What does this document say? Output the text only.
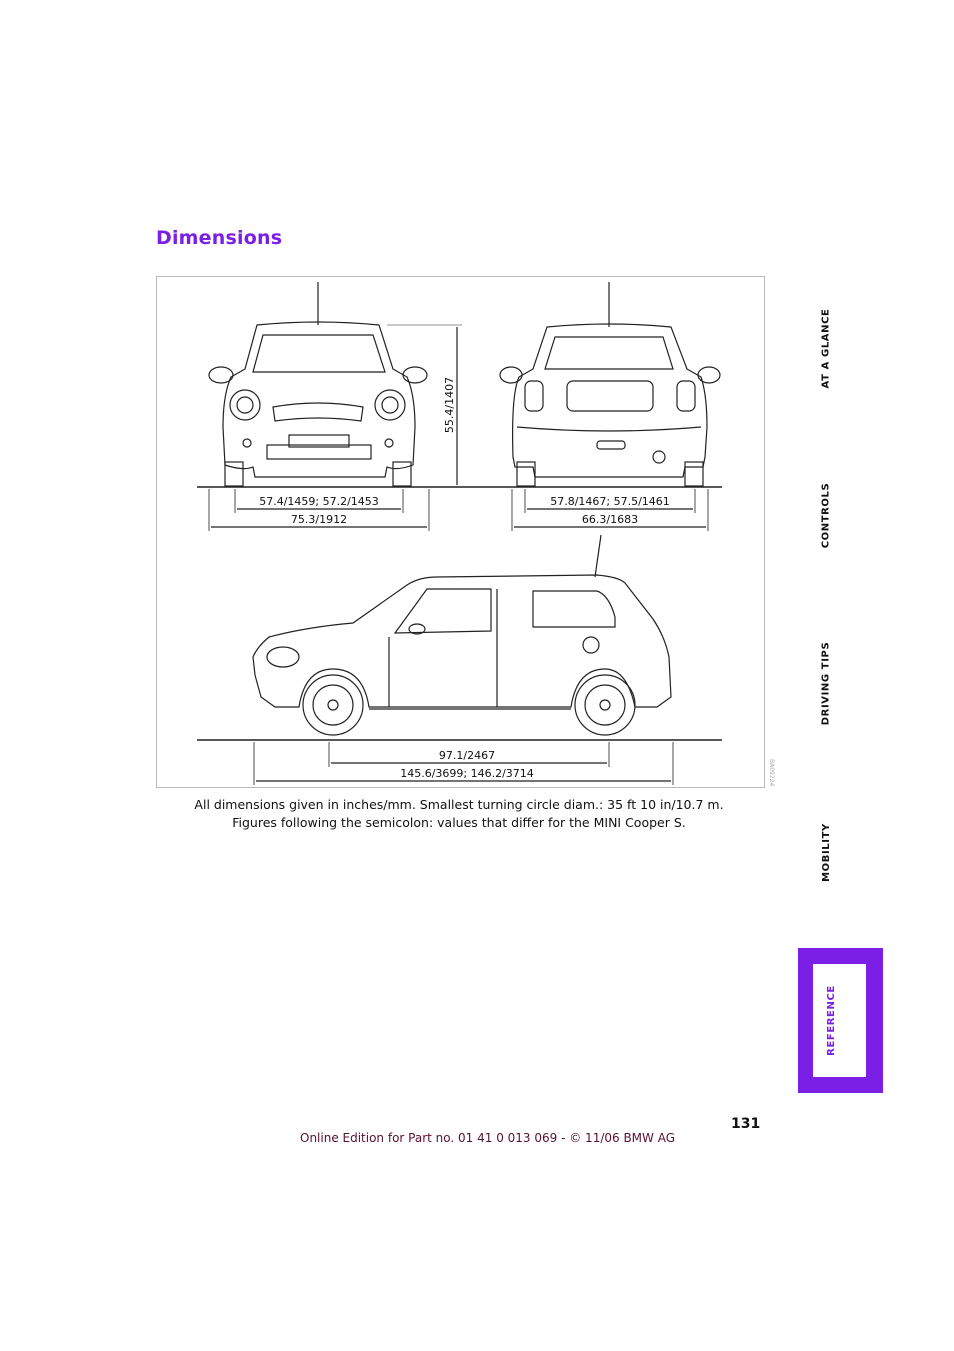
Dimensions
57.4/1459; 57.2/1453
75.3/1912
55.4/1407
57.8/1467; 57.5/1461
66.3/1683
97.1/2467
145.6/3699; 146.2/3714	BA09224
All dimensions given in inches/mm. Smallest turning circle diam.: 35 ft 10 in/10.7 m.
Figures following the semicolon: values that differ for the MINI Cooper S.
AT A GLANCE
CONTROLS
DRIVING TIPS
MOBILITY
REFERENCE
131
Online Edition for Part no. 01 41 0 013 069 - © 11/06 BMW AG
